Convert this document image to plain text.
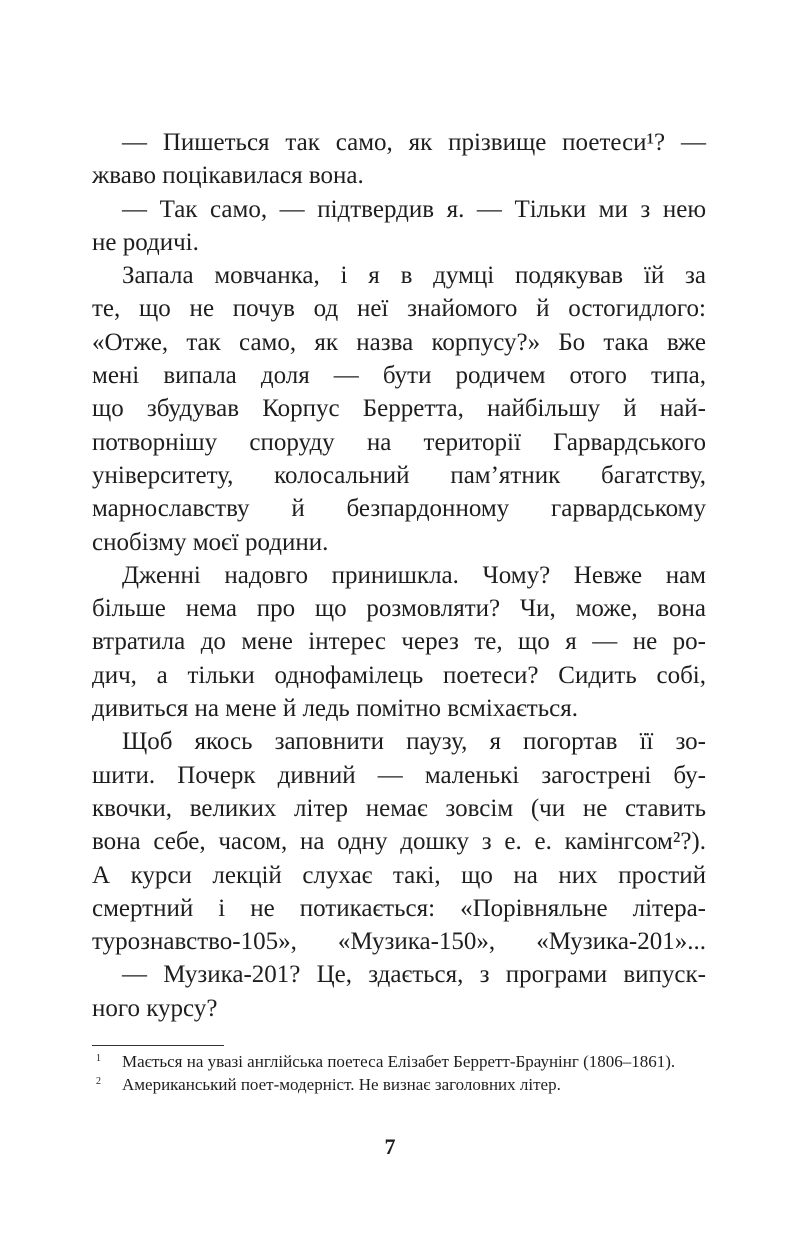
— Пишеться так само, як прізвище поетеси¹? —
жваво поцікавилася вона.
— Так само, — підтвердив я. — Тільки ми з нею
не родичі.
Запала мовчанка, і я в думці подякував їй за
те, що не почув од неї знайомого й остогидлого:
«Отже, так само, як назва корпусу?» Бо така вже
мені випала доля — бути родичем отого типа,
що збудував Корпус Берретта, найбільшу й най-
потворнішу споруду на території Гарвардського
університету, колосальний пам’ятник багатству,
марнославству й безпардонному гарвардському
снобізму моєї родини.
Дженні надовго принишкла. Чому? Невже нам
більше нема про що розмовляти? Чи, може, вона
втратила до мене інтерес через те, що я — не ро-
дич, а тільки однофамілець поетеси? Сидить собі,
дивиться на мене й ледь помітно всміхається.
Щоб якось заповнити паузу, я погортав її зо-
шити. Почерк дивний — маленькі загострені бу-
квочки, великих літер немає зовсім (чи не ставить
вона себе, часом, на одну дошку з е. е. камінгсом²?).
А курси лекцій слухає такі, що на них простий
смертний і не потикається: «Порівняльне літера-
турознавство-105», «Музика-150», «Музика-201»...
— Музика-201? Це, здається, з програми випуск-
ного курсу?
1 Мається на увазі англійська поетеса Елізабет Берретт-Браунінг (1806–1861).
2 Американський поет-модерніст. Не визнає заголовних літер.
7
